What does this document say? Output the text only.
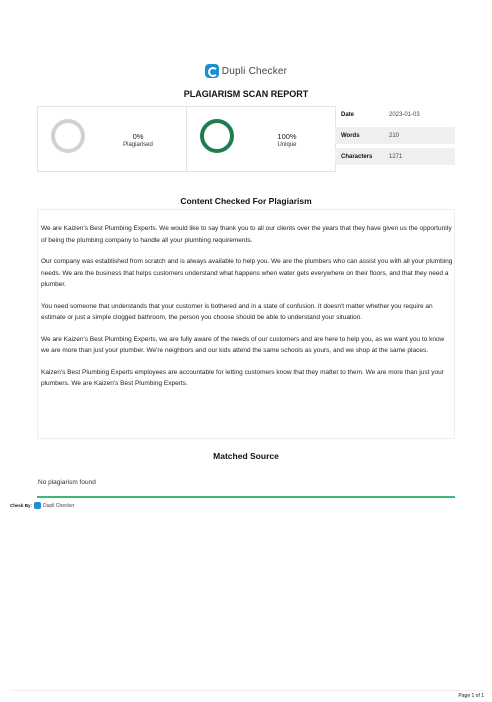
Dupli Checker
PLAGIARISM SCAN REPORT
0%
Plagiarised
100%
Unique
Date	2023-01-03
Words	210
Characters	1271
Content Checked For Plagiarism

We are Kaizen's Best Plumbing Experts. We would like to say thank you to all our clients over the years that they have given us the opportunity of being the plumbing company to handle all your plumbing requirements.

Our company was established from scratch and is always available to help you. We are the plumbers who can assist you with all your plumbing needs. We are the business that helps customers understand what happens when water gets everywhere on their floors, and that they need a plumber.

You need someone that understands that your customer is bothered and in a state of confusion. It doesn't matter whether you require an estimate or just a simple clogged bathroom, the person you choose should be able to understand your situation.

We are Kaizen's Best Plumbing Experts, we are fully aware of the needs of our customers and are here to help you, as we want you to know we are more than just your plumber. We're neighbors and our kids attend the same schools as yours, and we shop at the same places.

Kaizen's Best Plumbing Experts employees are accountable for letting customers know that they matter to them. We are more than just your plumbers. We are Kaizen's Best Plumbing Experts.

Matched Source
No plagiarism found
Check By: Dupli Checker
Page 1 of 1
